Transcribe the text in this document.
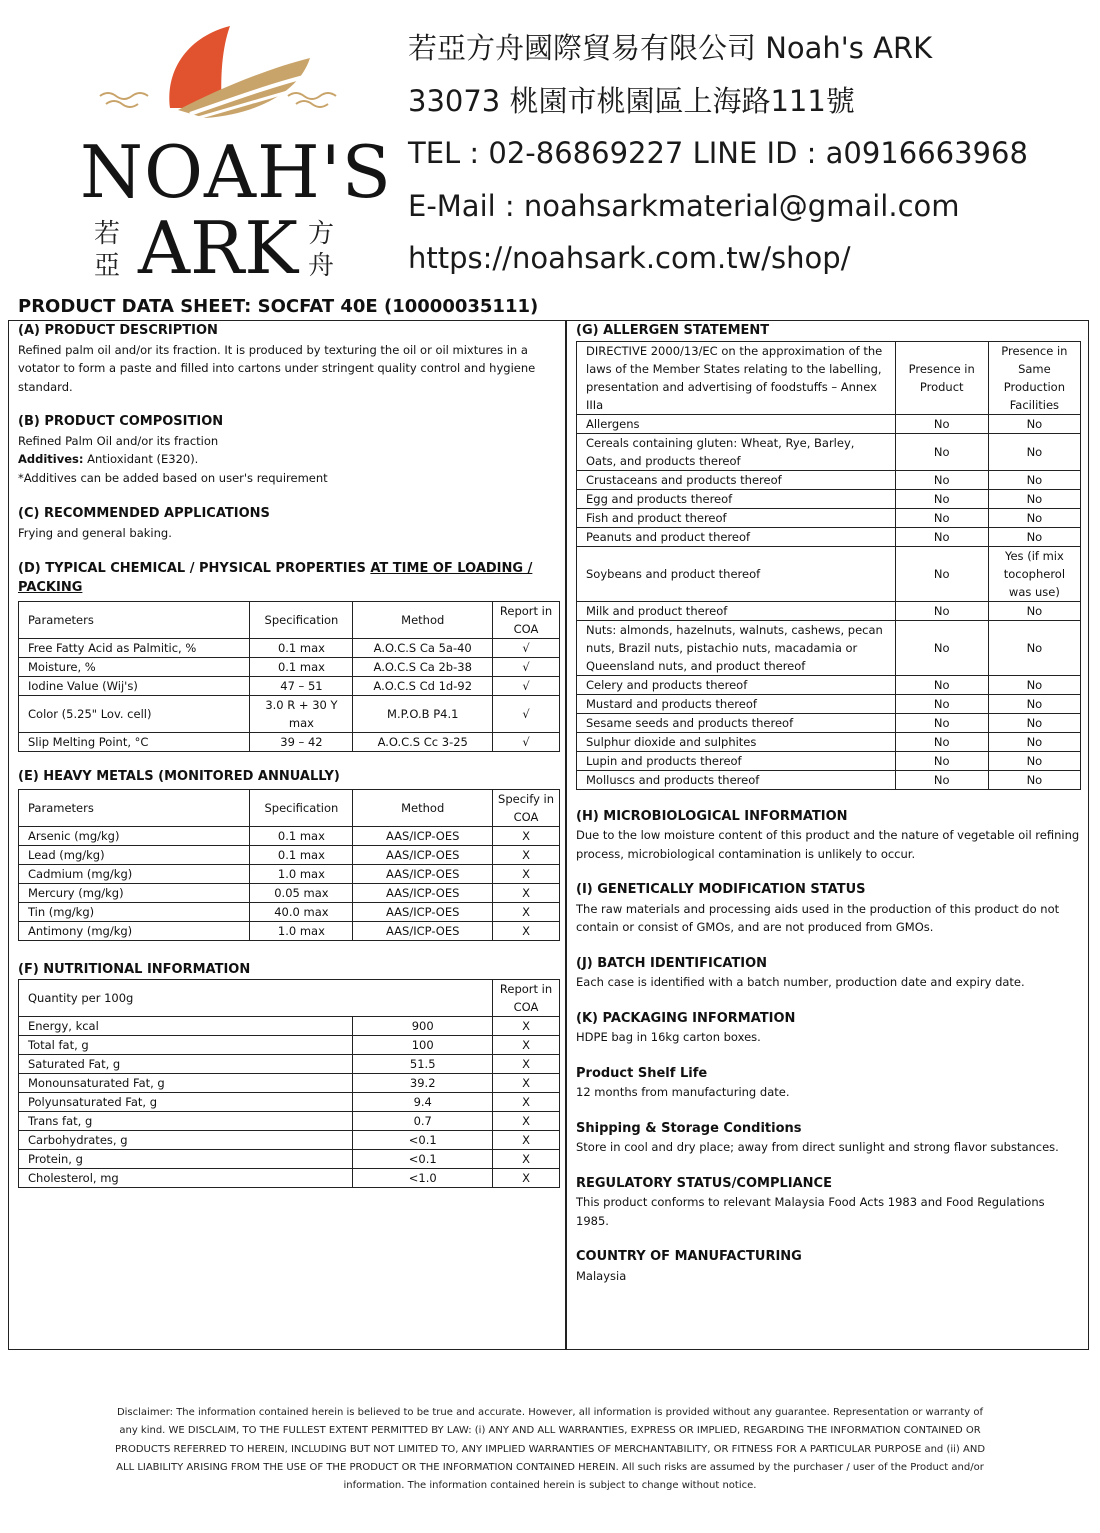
NOAH'S
若亞 ARK 方舟
若亞方舟國際貿易有限公司 Noah's ARK
33073 桃園市桃園區上海路111號
TEL : 02-86869227 LINE ID : a0916663968
E-Mail : noahsarkmaterial@gmail.com
https://noahsark.com.tw/shop/
PRODUCT DATA SHEET: SOCFAT 40E (10000035111)

(A) PRODUCT DESCRIPTION

Refined palm oil and/or its fraction. It is produced by texturing the oil or oil mixtures in a votator to form a paste and filled into cartons under stringent quality control and hygiene standard.

(B) PRODUCT COMPOSITION

Refined Palm Oil and/or its fraction

Additives: Antioxidant (E320).

*Additives can be added based on user's requirement

(C) RECOMMENDED APPLICATIONS

Frying and general baking.

(D) TYPICAL CHEMICAL / PHYSICAL PROPERTIES AT TIME OF LOADING / PACKING

Parameters	Specification	Method	Report in COA
Free Fatty Acid as Palmitic, %	0.1 max	A.O.C.S Ca 5a-40	√
Moisture, %	0.1 max	A.O.C.S Ca 2b-38	√
Iodine Value (Wij's)	47 – 51	A.O.C.S Cd 1d-92	√
Color (5.25" Lov. cell)	3.0 R + 30 Y max	M.P.O.B P4.1	√
Slip Melting Point, °C	39 – 42	A.O.C.S Cc 3-25	√

(E) HEAVY METALS (MONITORED ANNUALLY)

Parameters	Specification	Method	Specify in COA
Arsenic (mg/kg)	0.1 max	AAS/ICP-OES	X
Lead (mg/kg)	0.1 max	AAS/ICP-OES	X
Cadmium (mg/kg)	1.0 max	AAS/ICP-OES	X
Mercury (mg/kg)	0.05 max	AAS/ICP-OES	X
Tin (mg/kg)	40.0 max	AAS/ICP-OES	X
Antimony (mg/kg)	1.0 max	AAS/ICP-OES	X

(F) NUTRITIONAL INFORMATION

Quantity per 100g		Report in COA
Energy, kcal	900	X
Total fat, g	100	X
Saturated Fat, g	51.5	X
Monounsaturated Fat, g	39.2	X
Polyunsaturated Fat, g	9.4	X
Trans fat, g	0.7	X
Carbohydrates, g	<0.1	X
Protein, g	<0.1	X
Cholesterol, mg	<1.0	X

(G) ALLERGEN STATEMENT

DIRECTIVE 2000/13/EC on the approximation of the laws of the Member States relating to the labelling, presentation and advertising of foodstuffs – Annex IIIa	Presence in Product	Presence in Same Production Facilities
Allergens	No	No
Cereals containing gluten: Wheat, Rye, Barley, Oats, and products thereof	No	No
Crustaceans and products thereof	No	No
Egg and products thereof	No	No
Fish and product thereof	No	No
Peanuts and product thereof	No	No
Soybeans and product thereof	No	Yes (if mix tocopherol was use)
Milk and product thereof	No	No
Nuts: almonds, hazelnuts, walnuts, cashews, pecan nuts, Brazil nuts, pistachio nuts, macadamia or Queensland nuts, and product thereof	No	No
Celery and products thereof	No	No
Mustard and products thereof	No	No
Sesame seeds and products thereof	No	No
Sulphur dioxide and sulphites	No	No
Lupin and products thereof	No	No
Molluscs and products thereof	No	No

(H) MICROBIOLOGICAL INFORMATION

Due to the low moisture content of this product and the nature of vegetable oil refining process, microbiological contamination is unlikely to occur.

(I) GENETICALLY MODIFICATION STATUS

The raw materials and processing aids used in the production of this product do not contain or consist of GMOs, and are not produced from GMOs.

(J) BATCH IDENTIFICATION

Each case is identified with a batch number, production date and expiry date.

(K) PACKAGING INFORMATION

HDPE bag in 16kg carton boxes.

Product Shelf Life

12 months from manufacturing date.

Shipping & Storage Conditions

Store in cool and dry place; away from direct sunlight and strong flavor substances.

REGULATORY STATUS/COMPLIANCE

This product conforms to relevant Malaysia Food Acts 1983 and Food Regulations 1985.

COUNTRY OF MANUFACTURING

Malaysia

Disclaimer: The information contained herein is believed to be true and accurate. However, all information is provided without any guarantee. Representation or warranty of any kind. WE DISCLAIM, TO THE FULLEST EXTENT PERMITTED BY LAW: (i) ANY AND ALL WARRANTIES, EXPRESS OR IMPLIED, REGARDING THE INFORMATION CONTAINED OR PRODUCTS REFERRED TO HEREIN, INCLUDING BUT NOT LIMITED TO, ANY IMPLIED WARRANTIES OF MERCHANTABILITY, OR FITNESS FOR A PARTICULAR PURPOSE and (ii) AND ALL LIABILITY ARISING FROM THE USE OF THE PRODUCT OR THE INFORMATION CONTAINED HEREIN. All such risks are assumed by the purchaser / user of the Product and/or information. The information contained herein is subject to change without notice.
